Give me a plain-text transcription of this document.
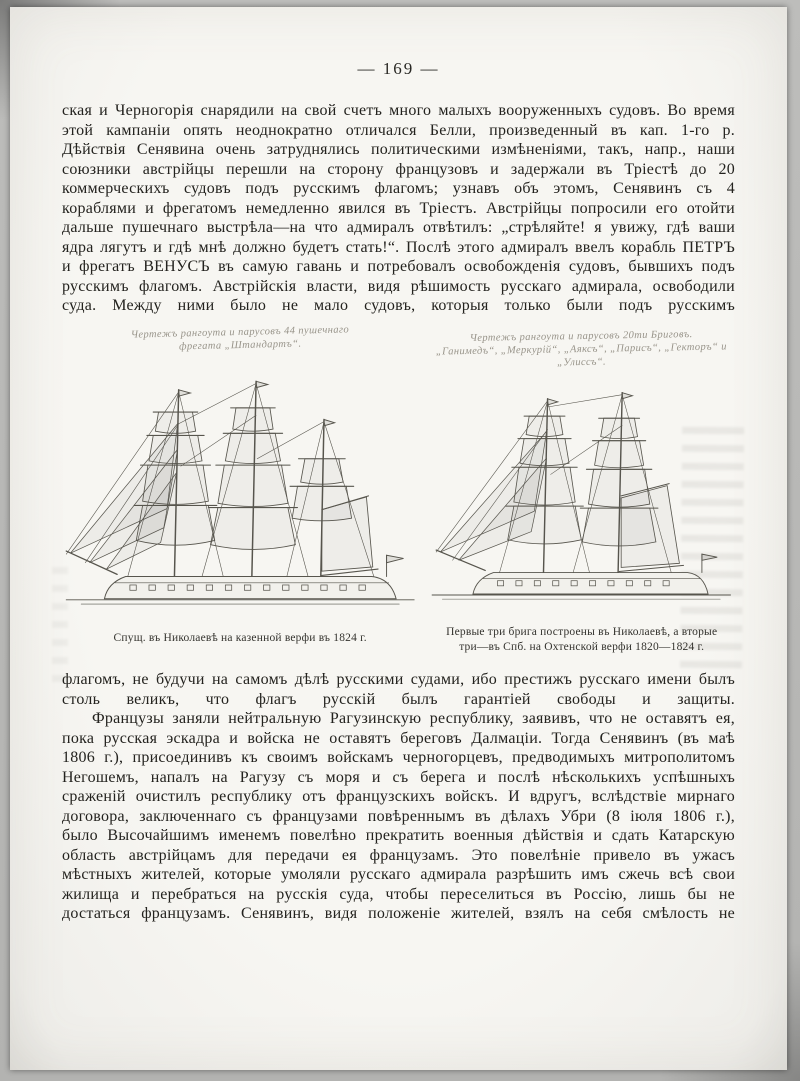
— 169 —

ская и Черногорія снарядили на свой счетъ много малыхъ вооруженныхъ судовъ. Во время этой кампаніи опять неоднократно отличался Белли, произведенный въ кап. 1-го р. Дѣйствія Сенявина очень затруднялись политическими измѣненіями, такъ, напр., наши союзники австрійцы перешли на сторону французовъ и задержали въ Тріестѣ до 20 коммерческихъ судовъ подъ русскимъ флагомъ; узнавъ объ этомъ, Сенявинъ съ 4 кораблями и фрегатомъ немедленно явился въ Тріестъ. Австрійцы попросили его отойти дальше пушечнаго выстрѣла—на что адмиралъ отвѣтилъ: „стрѣляйте! я увижу, гдѣ ваши ядра лягутъ и гдѣ мнѣ должно будетъ стать!“. Послѣ этого адмиралъ ввелъ корабль ПЕТРЪ и фрегатъ ВЕНУСЪ въ самую гавань и потребовалъ освобожденія судовъ, бывшихъ подъ русскимъ флагомъ. Австрійскія власти, видя рѣшимость русскаго адмирала, освободили суда. Между ними было не мало судовъ, которыя только были подъ русскимъ

Чертежъ рангоута и парусовъ 44 пушечнаго
фрегата „Штандартъ“.
Спущ. въ Николаевѣ на казенной верфи въ 1824 г.
Чертежъ рангоута и парусовъ 20ти Бриговъ.
„Ганимедъ“, „Меркурій“, „Аяксъ“, „Парисъ“, „Гекторъ“ и „Улиссъ“.
Первые три брига построены въ Николаевѣ, а вторые три—въ Спб. на Охтенской верфи 1820—1824 г.

флагомъ, не будучи на самомъ дѣлѣ русскими судами, ибо престижъ русскаго имени былъ столь великъ, что флагъ русскій былъ гарантіей свободы и защиты.

Французы заняли нейтральную Рагузинскую республику, заявивъ, что не оставятъ ея, пока русская эскадра и войска не оставятъ береговъ Далмаціи. Тогда Сенявинъ (въ маѣ 1806 г.), присоединивъ къ своимъ войскамъ черногорцевъ, предводимыхъ митрополитомъ Негошемъ, напалъ на Рагузу съ моря и съ берега и послѣ нѣсколькихъ успѣшныхъ сраженій очистилъ республику отъ французскихъ войскъ. И вдругъ, вслѣдствіе мирнаго договора, заключеннаго съ французами повѣреннымъ въ дѣлахъ Убри (8 іюля 1806 г.), было Высочайшимъ именемъ повелѣно прекратить военныя дѣйствія и сдать Катарскую область австрійцамъ для передачи ея французамъ. Это повелѣніе привело въ ужасъ мѣстныхъ жителей, которые умоляли русскаго адмирала разрѣшить имъ сжечь всѣ свои жилища и перебраться на русскія суда, чтобы переселиться въ Россію, лишь бы не достаться французамъ. Сенявинъ, видя положеніе жителей, взялъ на себя смѣлость не
